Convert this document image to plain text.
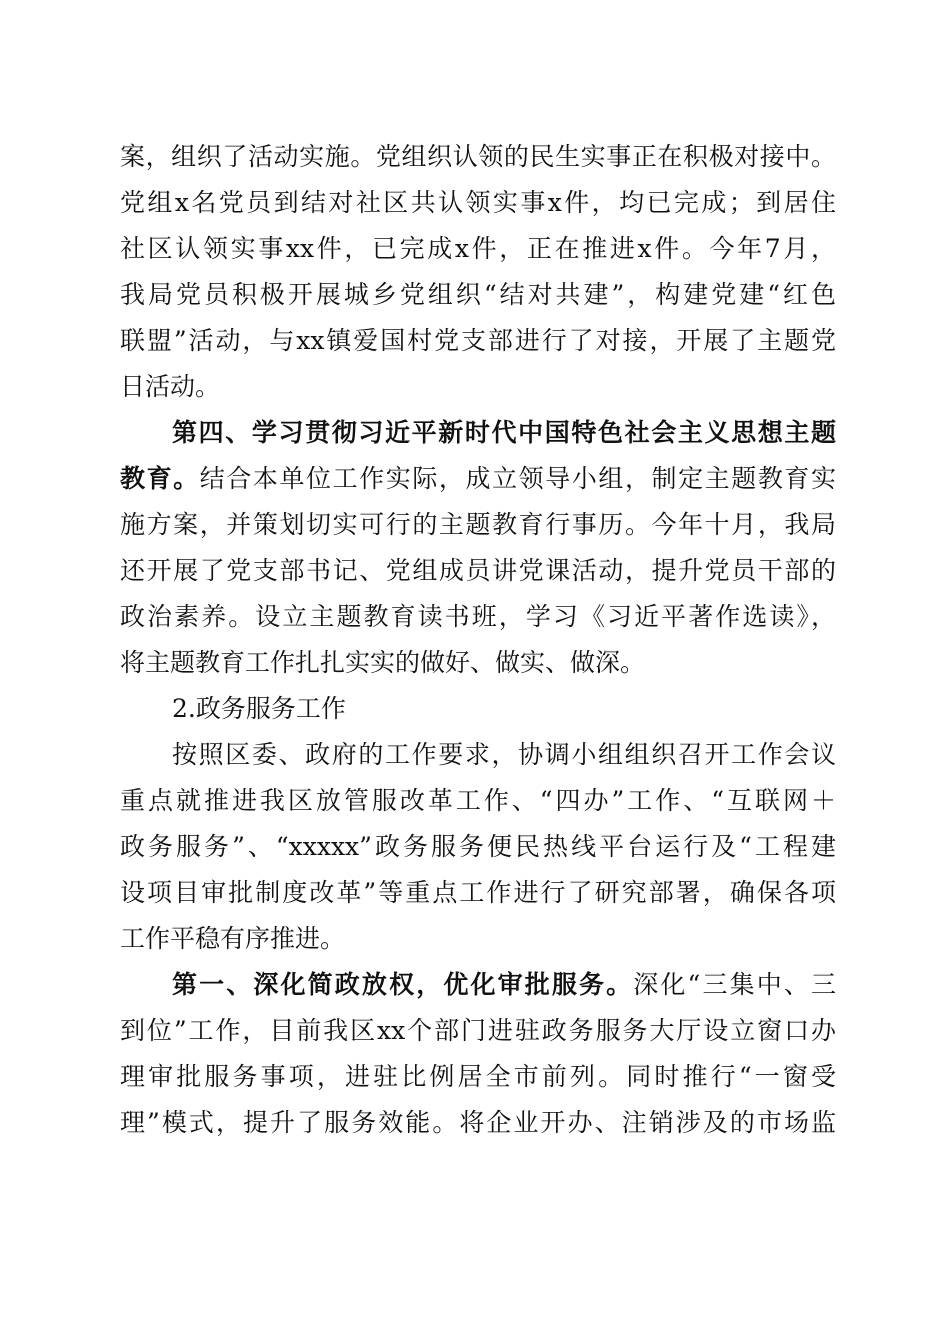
案，组织了活动实施。党组织认领的民生实事正在积极对接中。
党组x名党员到结对社区共认领实事x件，均已完成；到居住
社区认领实事xx件，已完成x件，正在推进x件。今年7月，
我局党员积极开展城乡党组织“结对共建”，构建党建“红色
联盟”活动，与xx镇爱国村党支部进行了对接，开展了主题党
日活动。
第四、学习贯彻习近平新时代中国特色社会主义思想主题
教育。结合本单位工作实际，成立领导小组，制定主题教育实
施方案，并策划切实可行的主题教育行事历。今年十月，我局
还开展了党支部书记、党组成员讲党课活动，提升党员干部的
政治素养。设立主题教育读书班，学习《习近平著作选读》，
将主题教育工作扎扎实实的做好、做实、做深。
2.政务服务工作
按照区委、政府的工作要求，协调小组组织召开工作会议
重点就推进我区放管服改革工作、“四办”工作、“互联网＋
政务服务”、“xxxxx”政务服务便民热线平台运行及“工程建
设项目审批制度改革”等重点工作进行了研究部署，确保各项
工作平稳有序推进。
第一、深化简政放权，优化审批服务。深化“三集中、三
到位”工作，目前我区xx个部门进驻政务服务大厅设立窗口办
理审批服务事项，进驻比例居全市前列。同时推行“一窗受
理”模式，提升了服务效能。将企业开办、注销涉及的市场监
